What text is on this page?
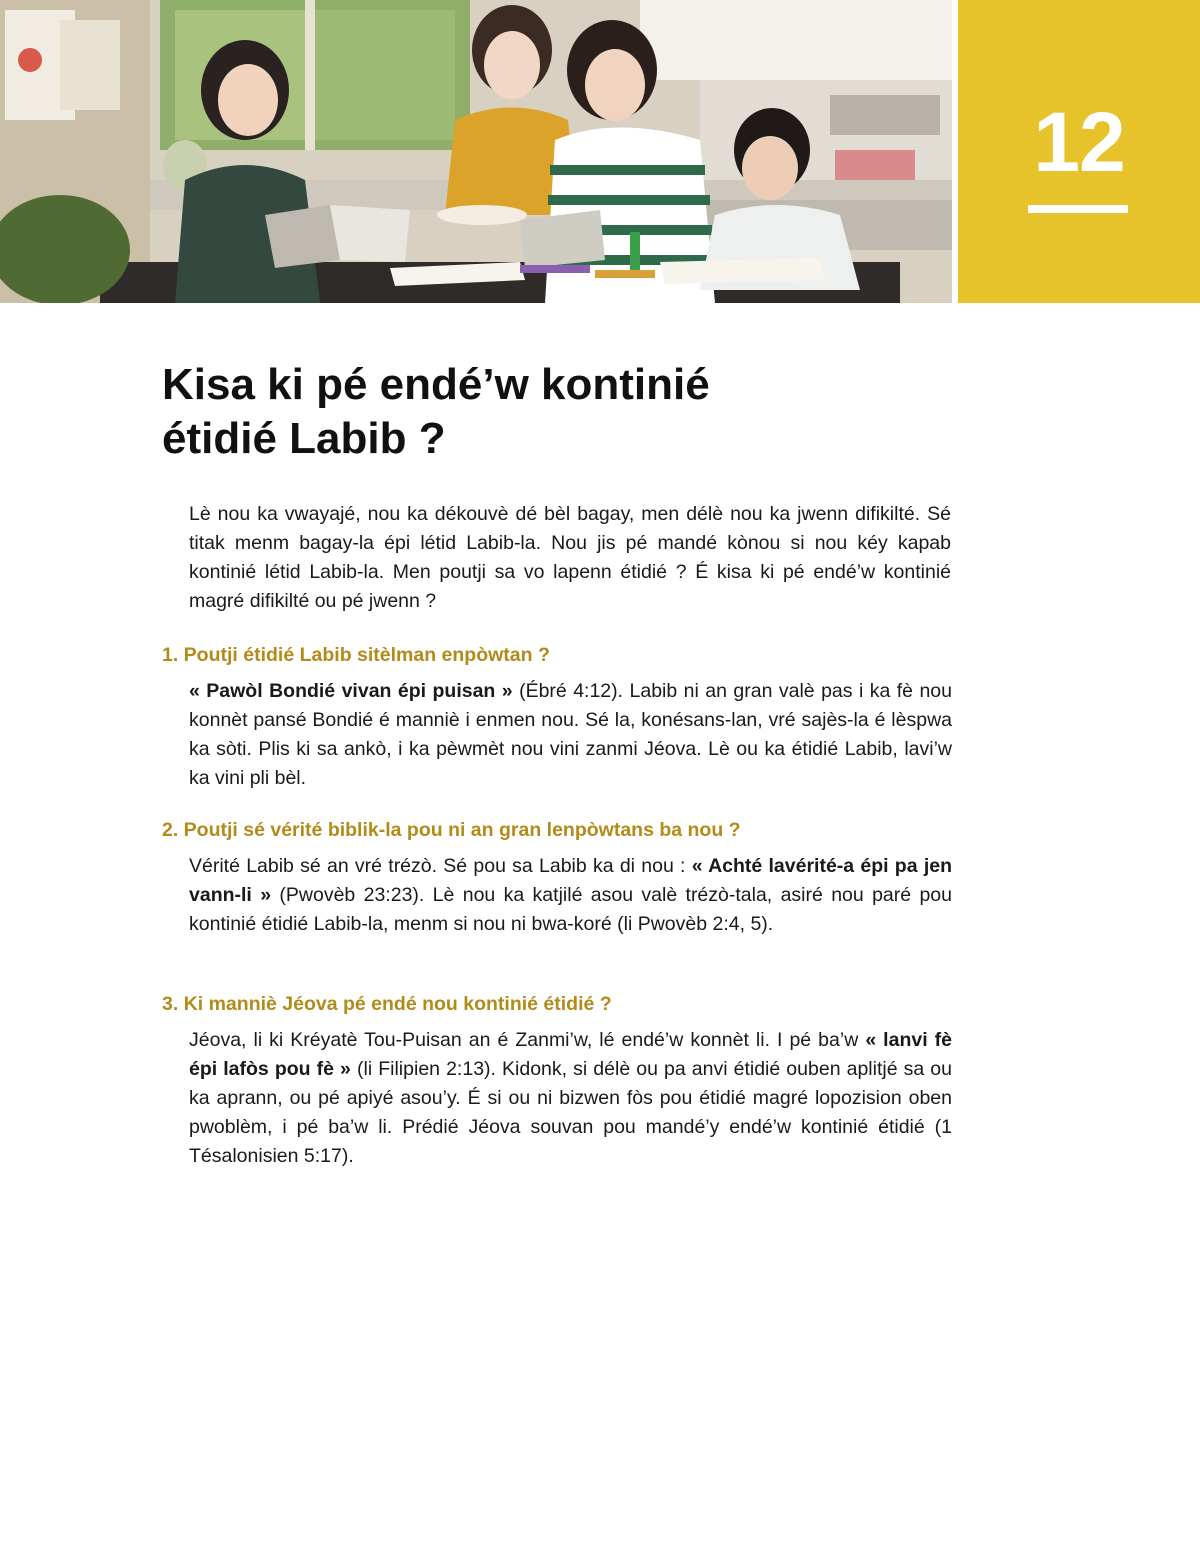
12
Kisa ki pé endé’w kontinié
étidié Labib ?

Lè nou ka vwayajé, nou ka dékouvè dé bèl bagay, men délè nou ka jwenn difikilté. Sé titak menm bagay-la épi létid Labib-la. Nou jis pé mandé kònou si nou kéy kapab kontinié létid Labib-la. Men poutji sa vo lapenn étidié ? É kisa ki pé endé’w kontinié magré difikilté ou pé jwenn ?

1. Poutji étidié Labib sitèlman enpòwtan ?

« Pawòl Bondié vivan épi puisan » (Ébré 4:12). Labib ni an gran valè pas i ka fè nou konnèt pansé Bondié é manniè i enmen nou. Sé la, konésans-lan, vré sajès-la é lèspwa ka sòti. Plis ki sa ankò, i ka pèwmèt nou vini zanmi Jéova. Lè ou ka étidié Labib, lavi’w ka vini pli bèl.

2. Poutji sé vérité biblik-la pou ni an gran lenpòwtans ba nou ?

Vérité Labib sé an vré trézò. Sé pou sa Labib ka di nou : « Achté lavérité-a épi pa jen vann-li » (Pwovèb 23:23). Lè nou ka katjilé asou valè trézò-tala, asiré nou paré pou kontinié étidié Labib-la, menm si nou ni bwa-koré (li Pwovèb 2:4, 5).

3. Ki manniè Jéova pé endé nou kontinié étidié ?

Jéova, li ki Kréyatè Tou-Puisan an é Zanmi’w, lé endé’w konnèt li. I pé ba’w « lanvi fè épi lafòs pou fè » (li Filipien 2:13). Kidonk, si délè ou pa anvi étidié ouben aplitjé sa ou ka aprann, ou pé apiyé asou’y. É si ou ni bizwen fòs pou étidié magré lopozision oben pwoblèm, i pé ba’w li. Prédié Jéova souvan pou mandé’y endé’w kontinié étidié (1 Tésalonisien 5:17).
